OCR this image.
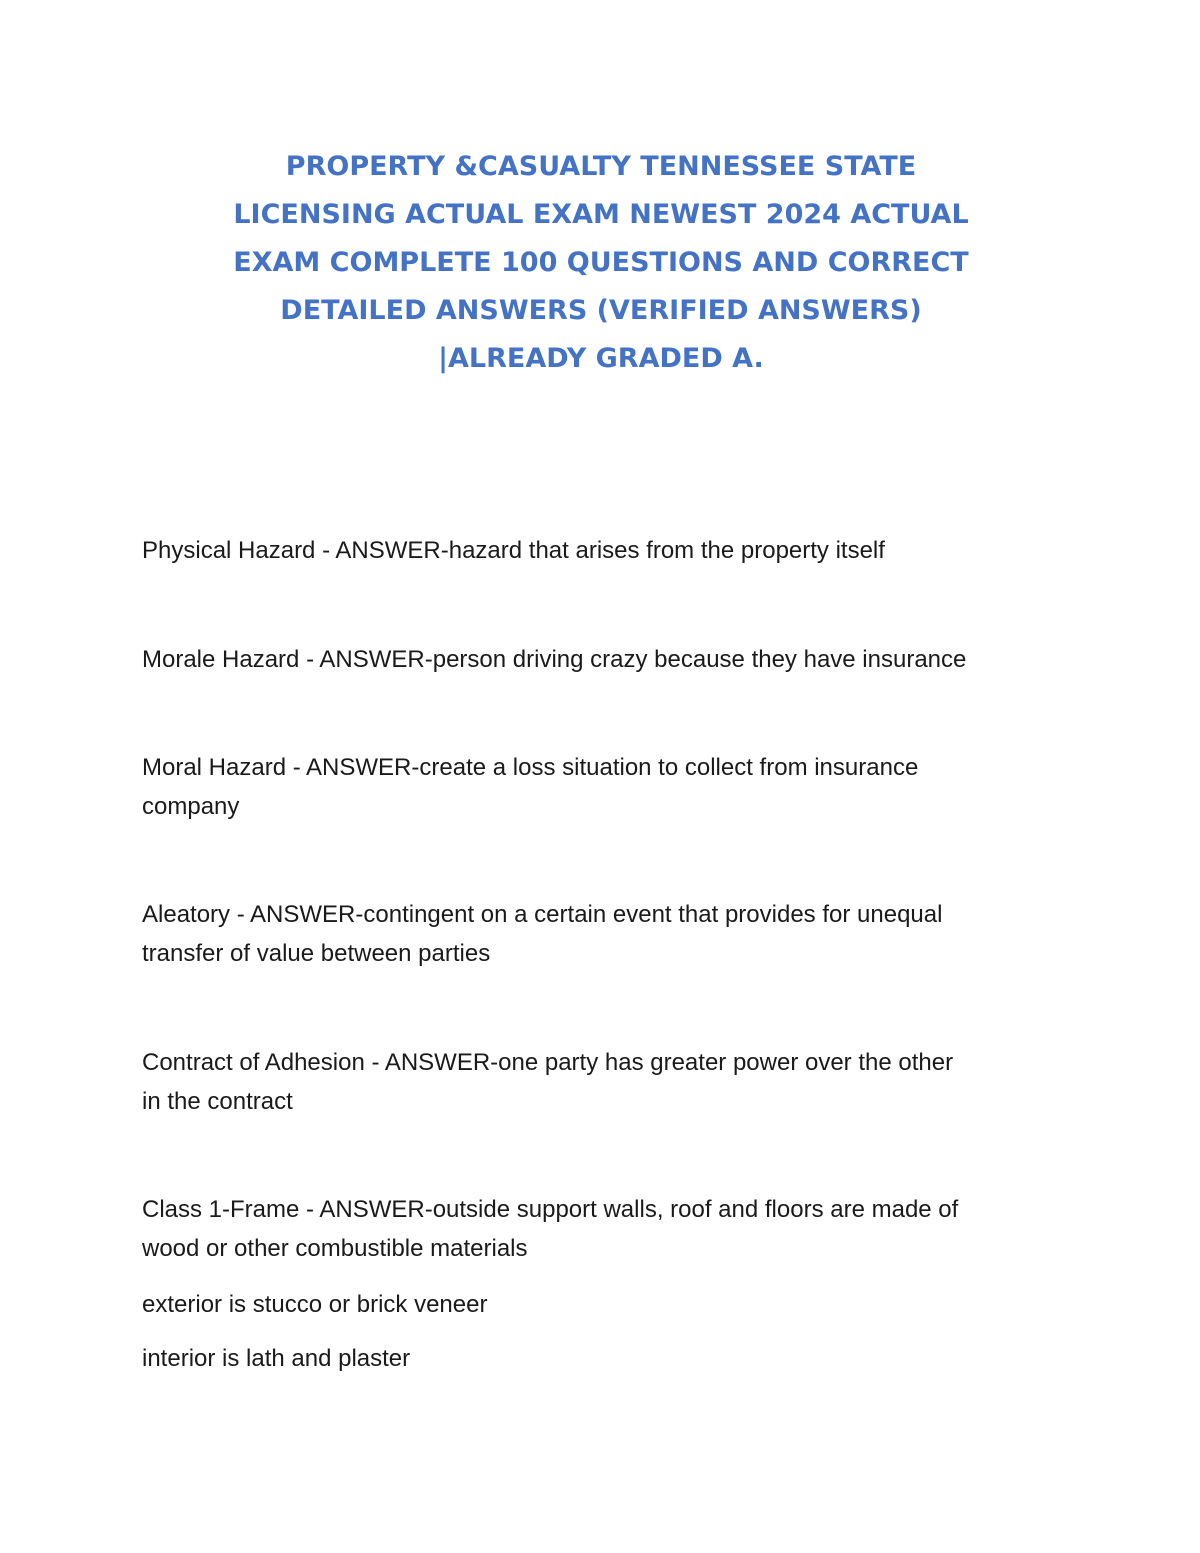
PROPERTY &CASUALTY TENNESSEE STATE
LICENSING ACTUAL EXAM NEWEST 2024 ACTUAL
EXAM COMPLETE 100 QUESTIONS AND CORRECT
DETAILED ANSWERS (VERIFIED ANSWERS)
|ALREADY GRADED A.
Physical Hazard - ANSWER-hazard that arises from the property itself
Morale Hazard - ANSWER-person driving crazy because they have insurance
Moral Hazard - ANSWER-create a loss situation to collect from insurance
company
Aleatory - ANSWER-contingent on a certain event that provides for unequal
transfer of value between parties
Contract of Adhesion - ANSWER-one party has greater power over the other
in the contract
Class 1-Frame - ANSWER-outside support walls, roof and floors are made of
wood or other combustible materials
exterior is stucco or brick veneer
interior is lath and plaster
